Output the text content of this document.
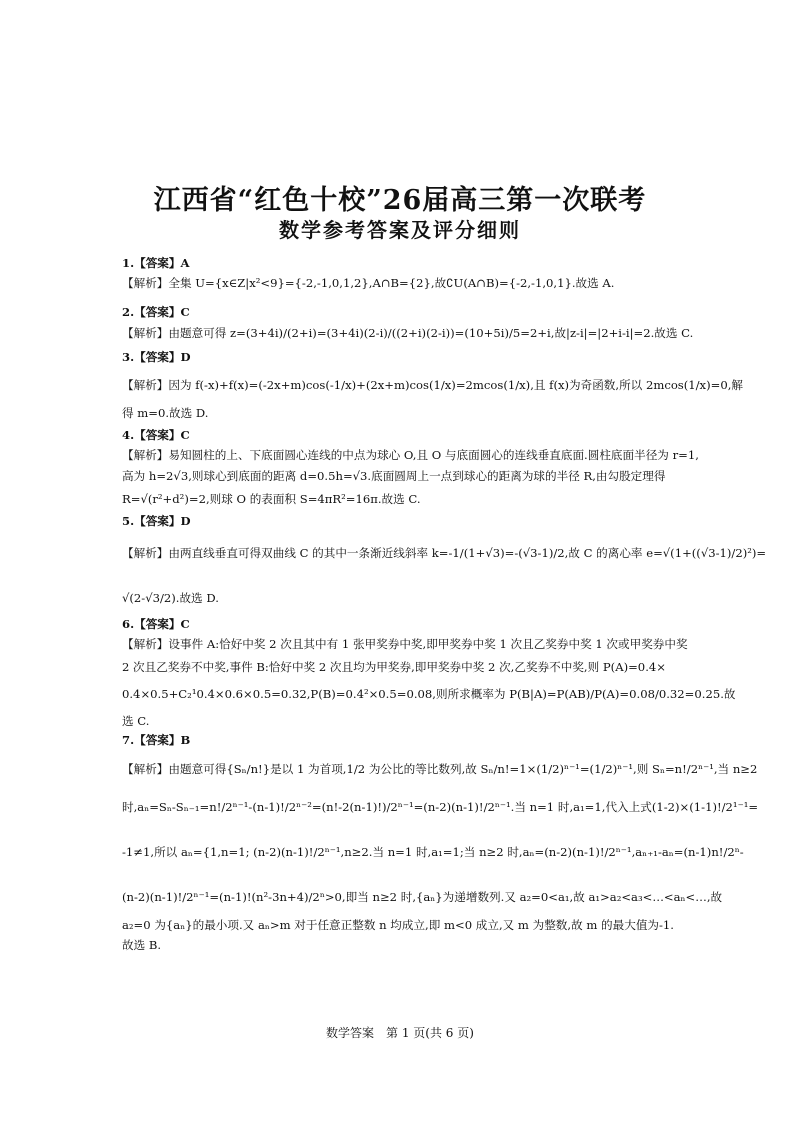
江西省“红色十校”26届高三第一次联考
数学参考答案及评分细则
1.【答案】A
【解析】全集 U={x∈Z|x²<9}={-2,-1,0,1,2},A∩B={2},故∁U(A∩B)={-2,-1,0,1}.故选 A.
2.【答案】C
【解析】由题意可得 z=(3+4i)/(2+i)=(3+4i)(2-i)/((2+i)(2-i))=(10+5i)/5=2+i,故|z-i|=|2+i-i|=2.故选 C.
3.【答案】D
【解析】因为 f(-x)+f(x)=(-2x+m)cos(-1/x)+(2x+m)cos(1/x)=2mcos(1/x),且 f(x)为奇函数,所以 2mcos(1/x)=0,解
得 m=0.故选 D.
4.【答案】C
【解析】易知圆柱的上、下底面圆心连线的中点为球心 O,且 O 与底面圆心的连线垂直底面.圆柱底面半径为 r=1,
高为 h=2√3,则球心到底面的距离 d=0.5h=√3.底面圆周上一点到球心的距离为球的半径 R,由勾股定理得
R=√(r²+d²)=2,则球 O 的表面积 S=4πR²=16π.故选 C.
5.【答案】D
【解析】由两直线垂直可得双曲线 C 的其中一条渐近线斜率 k=-1/(1+√3)=-(√3-1)/2,故 C 的离心率 e=√(1+((√3-1)/2)²)=
√(2-√3/2).故选 D.
6.【答案】C
【解析】设事件 A:恰好中奖 2 次且其中有 1 张甲奖券中奖,即甲奖券中奖 1 次且乙奖券中奖 1 次或甲奖券中奖
2 次且乙奖券不中奖,事件 B:恰好中奖 2 次且均为甲奖券,即甲奖券中奖 2 次,乙奖券不中奖,则 P(A)=0.4×
0.4×0.5+C₂¹0.4×0.6×0.5=0.32,P(B)=0.4²×0.5=0.08,则所求概率为 P(B|A)=P(AB)/P(A)=0.08/0.32=0.25.故
选 C.
7.【答案】B
【解析】由题意可得{Sₙ/n!}是以 1 为首项,1/2 为公比的等比数列,故 Sₙ/n!=1×(1/2)ⁿ⁻¹=(1/2)ⁿ⁻¹,则 Sₙ=n!/2ⁿ⁻¹,当 n≥2
时,aₙ=Sₙ-Sₙ₋₁=n!/2ⁿ⁻¹-(n-1)!/2ⁿ⁻²=(n!-2(n-1)!)/2ⁿ⁻¹=(n-2)(n-1)!/2ⁿ⁻¹.当 n=1 时,a₁=1,代入上式(1-2)×(1-1)!/2¹⁻¹=
-1≠1,所以 aₙ={1,n=1; (n-2)(n-1)!/2ⁿ⁻¹,n≥2.当 n=1 时,a₁=1;当 n≥2 时,aₙ=(n-2)(n-1)!/2ⁿ⁻¹,aₙ₊₁-aₙ=(n-1)n!/2ⁿ-
(n-2)(n-1)!/2ⁿ⁻¹=(n-1)!(n²-3n+4)/2ⁿ>0,即当 n≥2 时,{aₙ}为递增数列.又 a₂=0<a₁,故 a₁>a₂<a₃<…<aₙ<…,故
a₂=0 为{aₙ}的最小项.又 aₙ>m 对于任意正整数 n 均成立,即 m<0 成立,又 m 为整数,故 m 的最大值为-1.
故选 B.
数学答案　第 1 页(共 6 页)
